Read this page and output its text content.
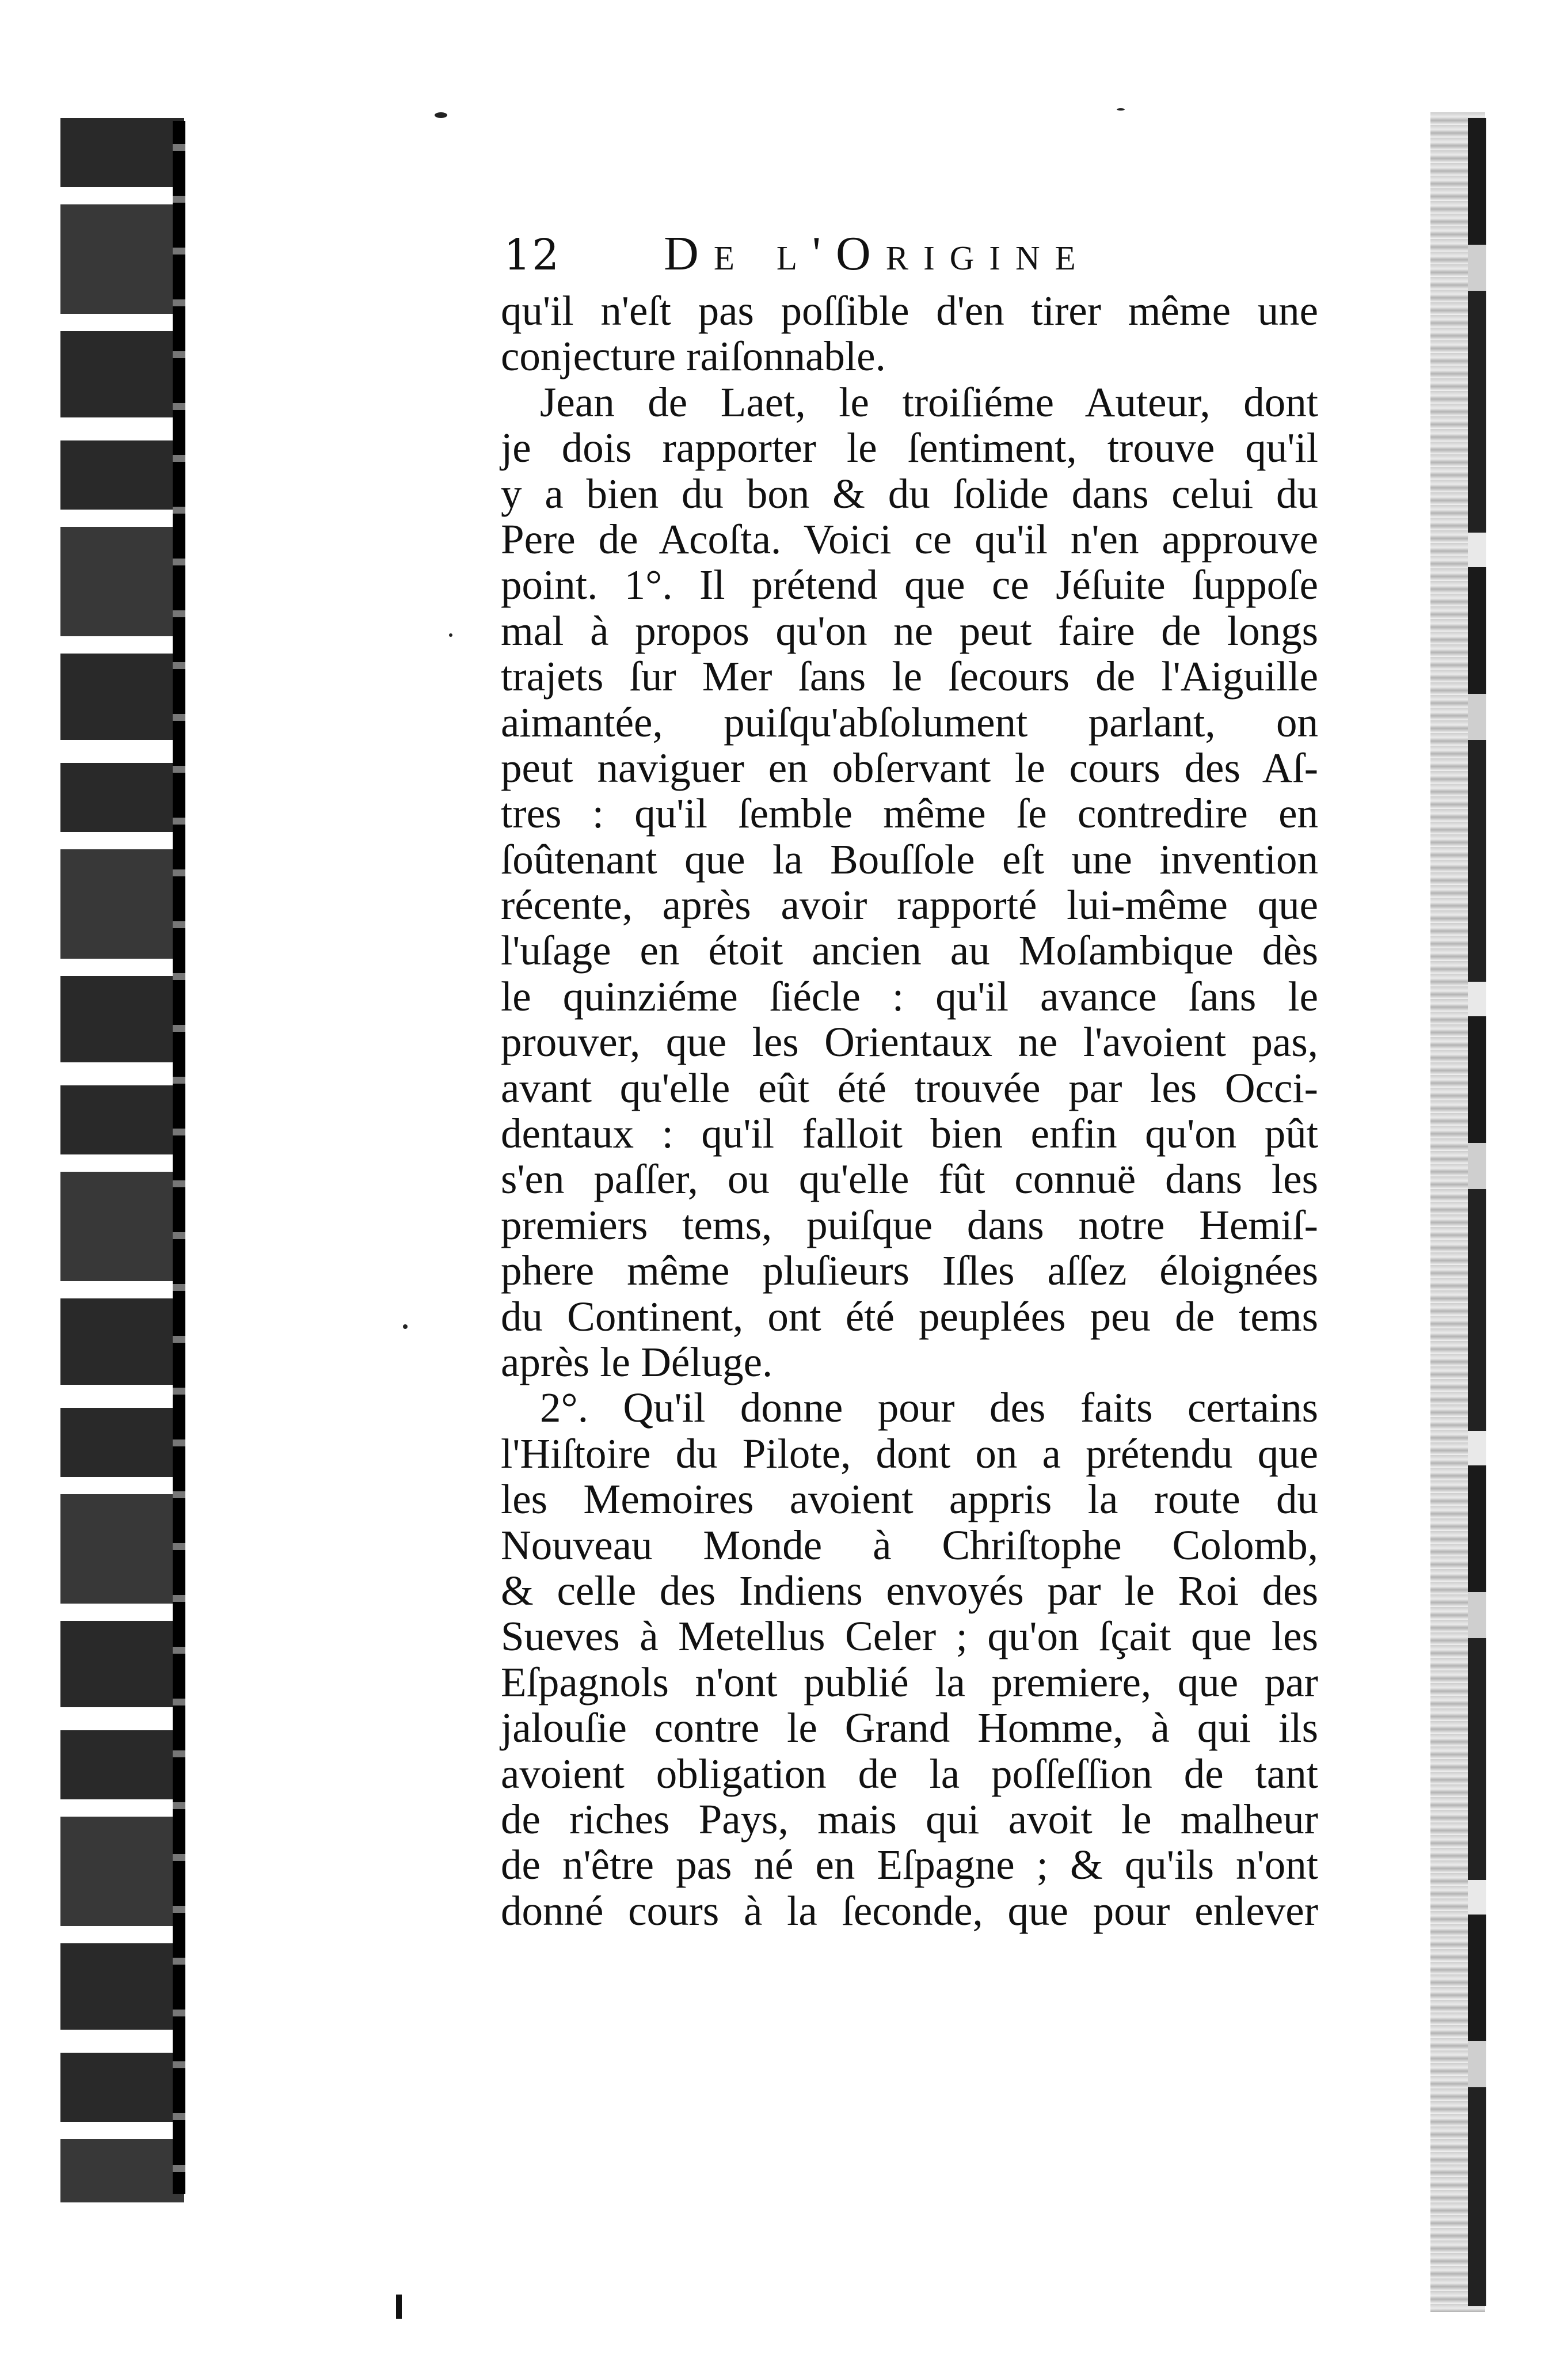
12 De l'Origine
qu'il n'eſt pas poſſible d'en tirer même une
conjecture raiſonnable.
Jean de Laet, le troiſiéme Auteur, dont
je dois rapporter le ſentiment, trouve qu'il
y a bien du bon & du ſolide dans celui du
Pere de Acoſta. Voici ce qu'il n'en approuve
point. 1°. Il prétend que ce Jéſuite ſuppoſe
mal à propos qu'on ne peut faire de longs
trajets ſur Mer ſans le ſecours de l'Aiguille
aimantée, puiſqu'abſolument parlant, on
peut naviguer en obſervant le cours des Aſ-
tres : qu'il ſemble même ſe contredire en
ſoûtenant que la Bouſſole eſt une invention
récente, après avoir rapporté lui-même que
l'uſage en étoit ancien au Moſambique dès
le quinziéme ſiécle : qu'il avance ſans le
prouver, que les Orientaux ne l'avoient pas,
avant qu'elle eût été trouvée par les Occi-
dentaux : qu'il falloit bien enfin qu'on pût
s'en paſſer, ou qu'elle fût connuë dans les
premiers tems, puiſque dans notre Hemiſ-
phere même pluſieurs Iſles aſſez éloignées
du Continent, ont été peuplées peu de tems
après le Déluge.
2°. Qu'il donne pour des faits certains
l'Hiſtoire du Pilote, dont on a prétendu que
les Memoires avoient appris la route du
Nouveau Monde à Chriſtophe Colomb,
& celle des Indiens envoyés par le Roi des
Sueves à Metellus Celer ; qu'on ſçait que les
Eſpagnols n'ont publié la premiere, que par
jalouſie contre le Grand Homme, à qui ils
avoient obligation de la poſſeſſion de tant
de riches Pays, mais qui avoit le malheur
de n'être pas né en Eſpagne ; & qu'ils n'ont
donné cours à la ſeconde, que pour enlever
